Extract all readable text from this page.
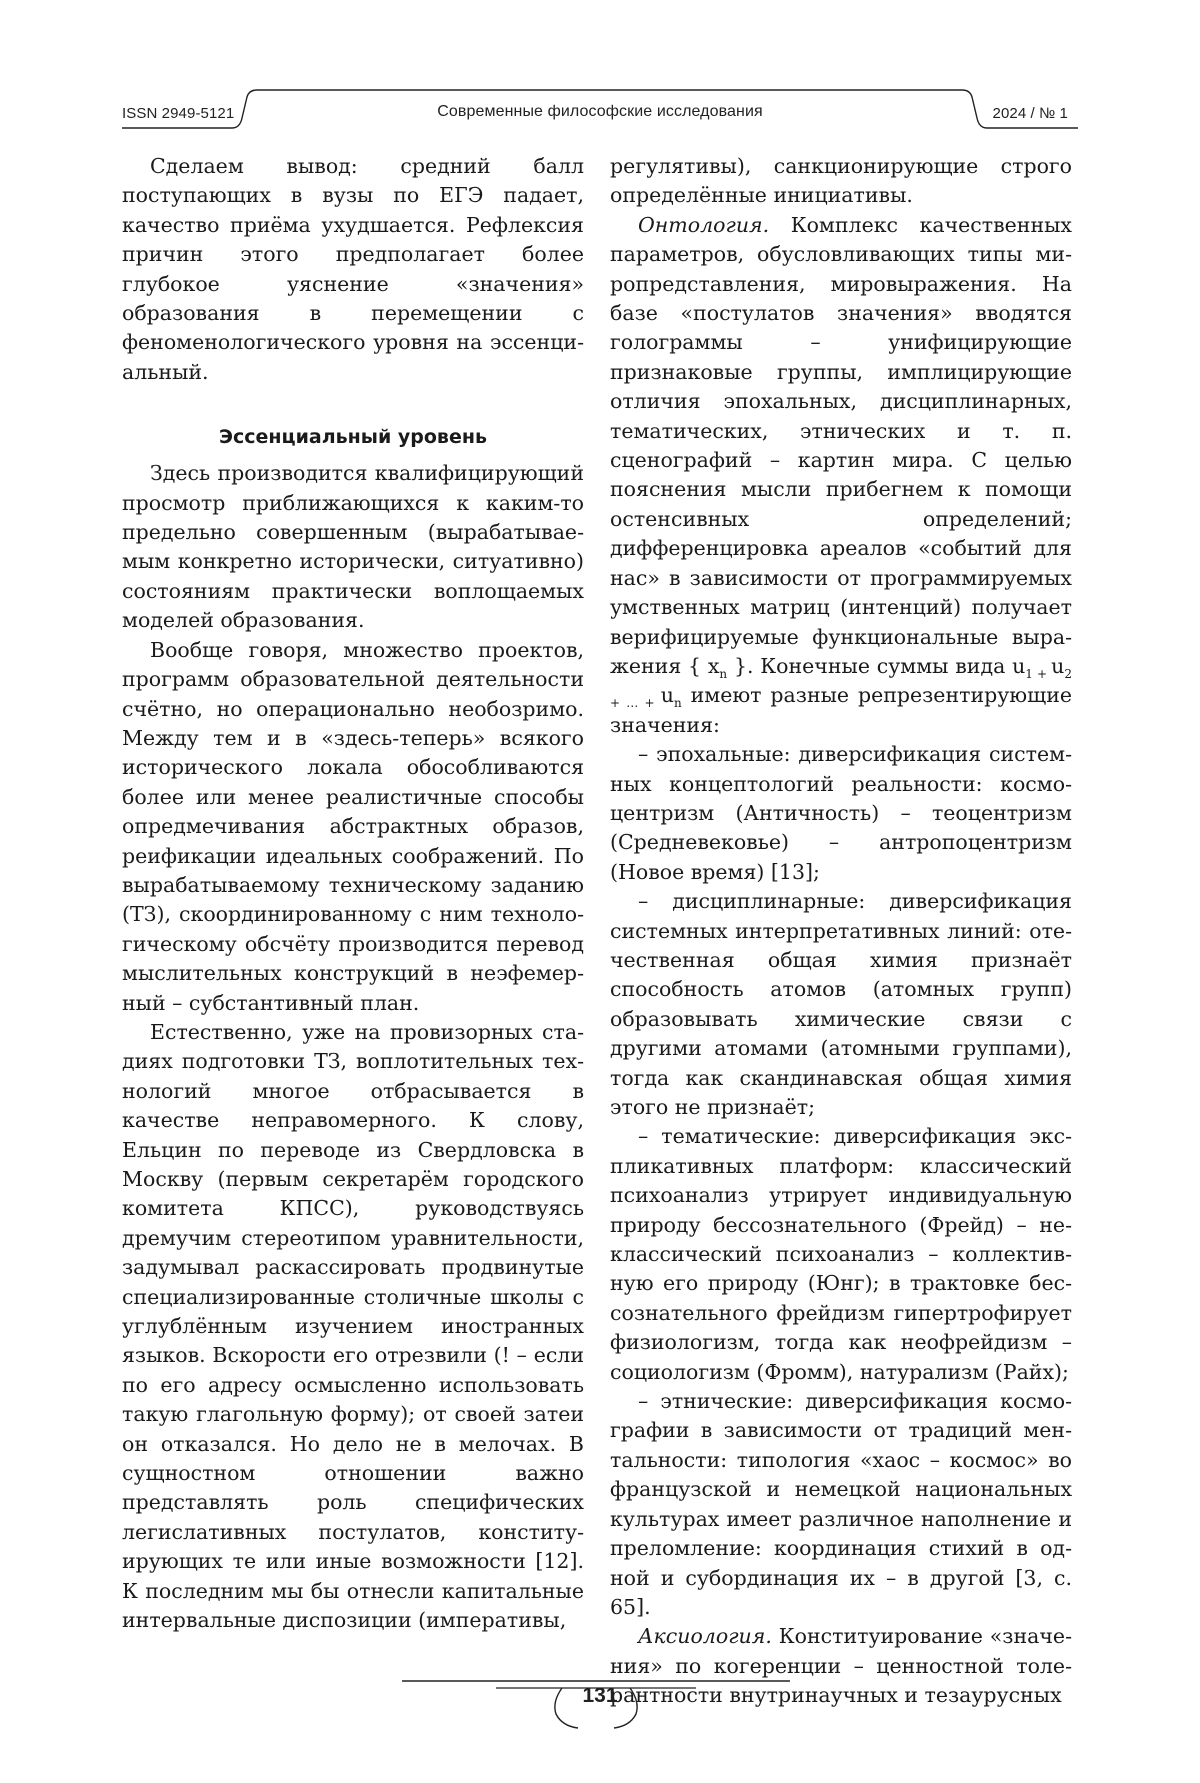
ISSN 2949-5121	Современные философские исследования	2024 / № 1

Сделаем вывод: средний балл поступающих в вузы по ЕГЭ падает, качество приёма ухудшается. Рефлексия причин этого предполагает более глубокое уяснение «значения» образования в перемещении с феноменологического уровня на эссенциальный.

Эссенциальный уровень

Здесь производится квалифицирующий просмотр приближающихся к каким-то предельно совершенным (вырабатываемым конкретно исторически, ситуативно) состояниям практически воплощаемых моделей образования.

Вообще говоря, множество проектов, программ образовательной деятельности счётно, но операционально необозримо. Между тем и в «здесь-теперь» всякого исторического локала обособливаются более или менее реалистичные способы опредмечивания абстрактных образов, реификации идеальных соображений. По вырабатываемому техническому заданию (ТЗ), скоординированному с ним технологическому обсчёту производится перевод мыслительных конструкций в неэфемерный – субстантивный план.

Естественно, уже на провизорных стадиях подготовки ТЗ, воплотительных технологий многое отбрасывается в качестве неправомерного. К слову, Ельцин по переводе из Свердловска в Москву (первым секретарём городского комитета КПСС), руководствуясь дремучим стереотипом уравнительности, задумывал раскассировать продвинутые специализированные столичные школы с углублённым изучением иностранных языков. Вскорости его отрезвили (! – если по его адресу осмысленно использовать такую глагольную форму); от своей затеи он отказался. Но дело не в мелочах. В сущностном отношении важно представлять роль специфических легислативных постулатов, конституирующих те или иные возможности [12]. К последним мы бы отнесли капитальные интервальные диспозиции (императивы,

регулятивы), санкционирующие строго определённые инициативы.

Онтология. Комплекс качественных параметров, обусловливающих типы миропредставления, мировыражения. На базе «постулатов значения» вводятся голограммы – унифицирующие признаковые группы, имплицирующие отличия эпохальных, дисциплинарных, тематических, этнических и т. п. сценографий – картин мира. С целью пояснения мысли прибегнем к помощи остенсивных определений; дифференцировка ареалов «событий для нас» в зависимости от программируемых умственных матриц (интенций) получает верифицируемые функциональные выражения { $x_n$ }. Конечные суммы вида $u_{1 +}$ $u_2$ $_{+ \dots +}$ $u_n$ имеют разные репрезентирующие значения:

– эпохальные: диверсификация системных концептологий реальности: космоцентризм (Античность) – теоцентризм (Средневековье) – антропоцентризм (Новое время) [13];

– дисциплинарные: диверсификация системных интерпретативных линий: отечественная общая химия признаёт способность атомов (атомных групп) образовывать химические связи с другими атомами (атомными группами), тогда как скандинавская общая химия этого не признаёт;

– тематические: диверсификация экспликативных платформ: классический психоанализ утрирует индивидуальную природу бессознательного (Фрейд) – неклассический психоанализ – коллективную его природу (Юнг); в трактовке бессознательного фрейдизм гипертрофирует физиологизм, тогда как неофрейдизм – социологизм (Фромм), натурализм (Райх);

– этнические: диверсификация космографии в зависимости от традиций ментальности: типология «хаос – космос» во французской и немецкой национальных культурах имеет различное наполнение и преломление: координация стихий в одной и субординация их – в другой [3, с. 65].

Аксиология. Конституирование «значения» по когеренции – ценностной толерантности внутринаучных и тезаурусных

131
